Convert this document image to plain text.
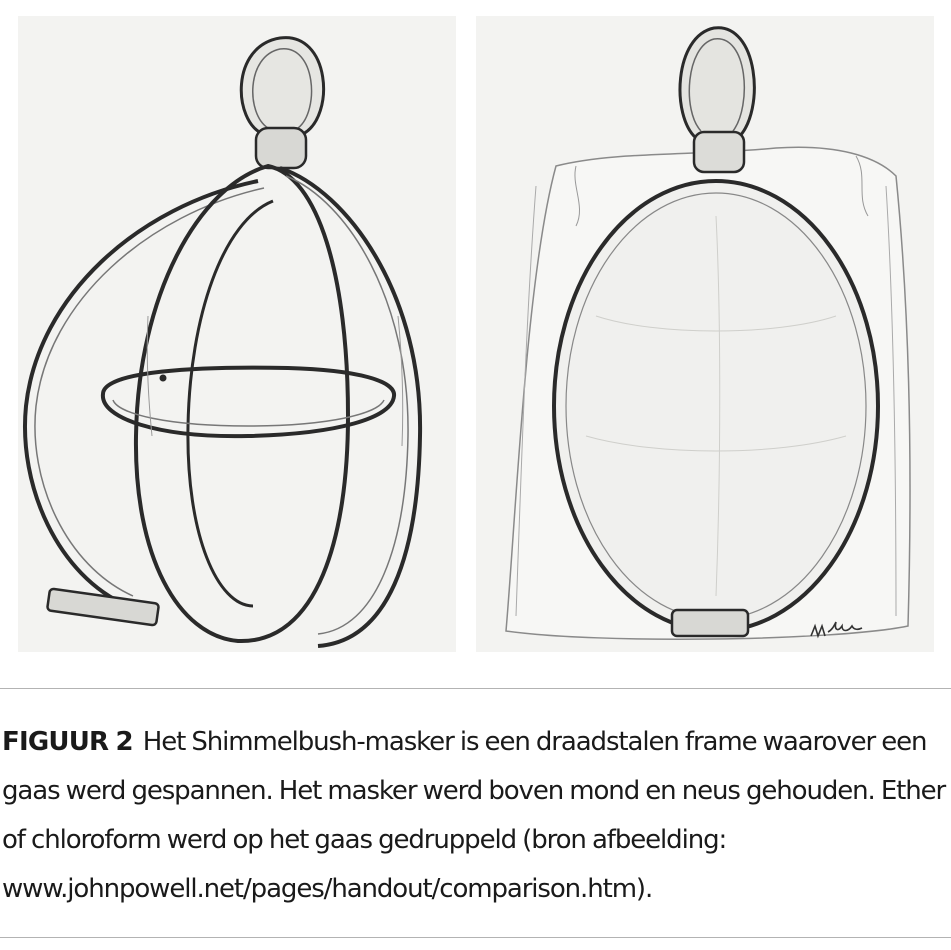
FIGUUR 2 Het Shimmelbush-masker is een draadstalen frame waarover een gaas werd gespannen. Het masker werd boven mond en neus gehouden. Ether of chloroform werd op het gaas gedruppeld (bron afbeelding: www.johnpowell.net/pages/handout/comparison.htm).
